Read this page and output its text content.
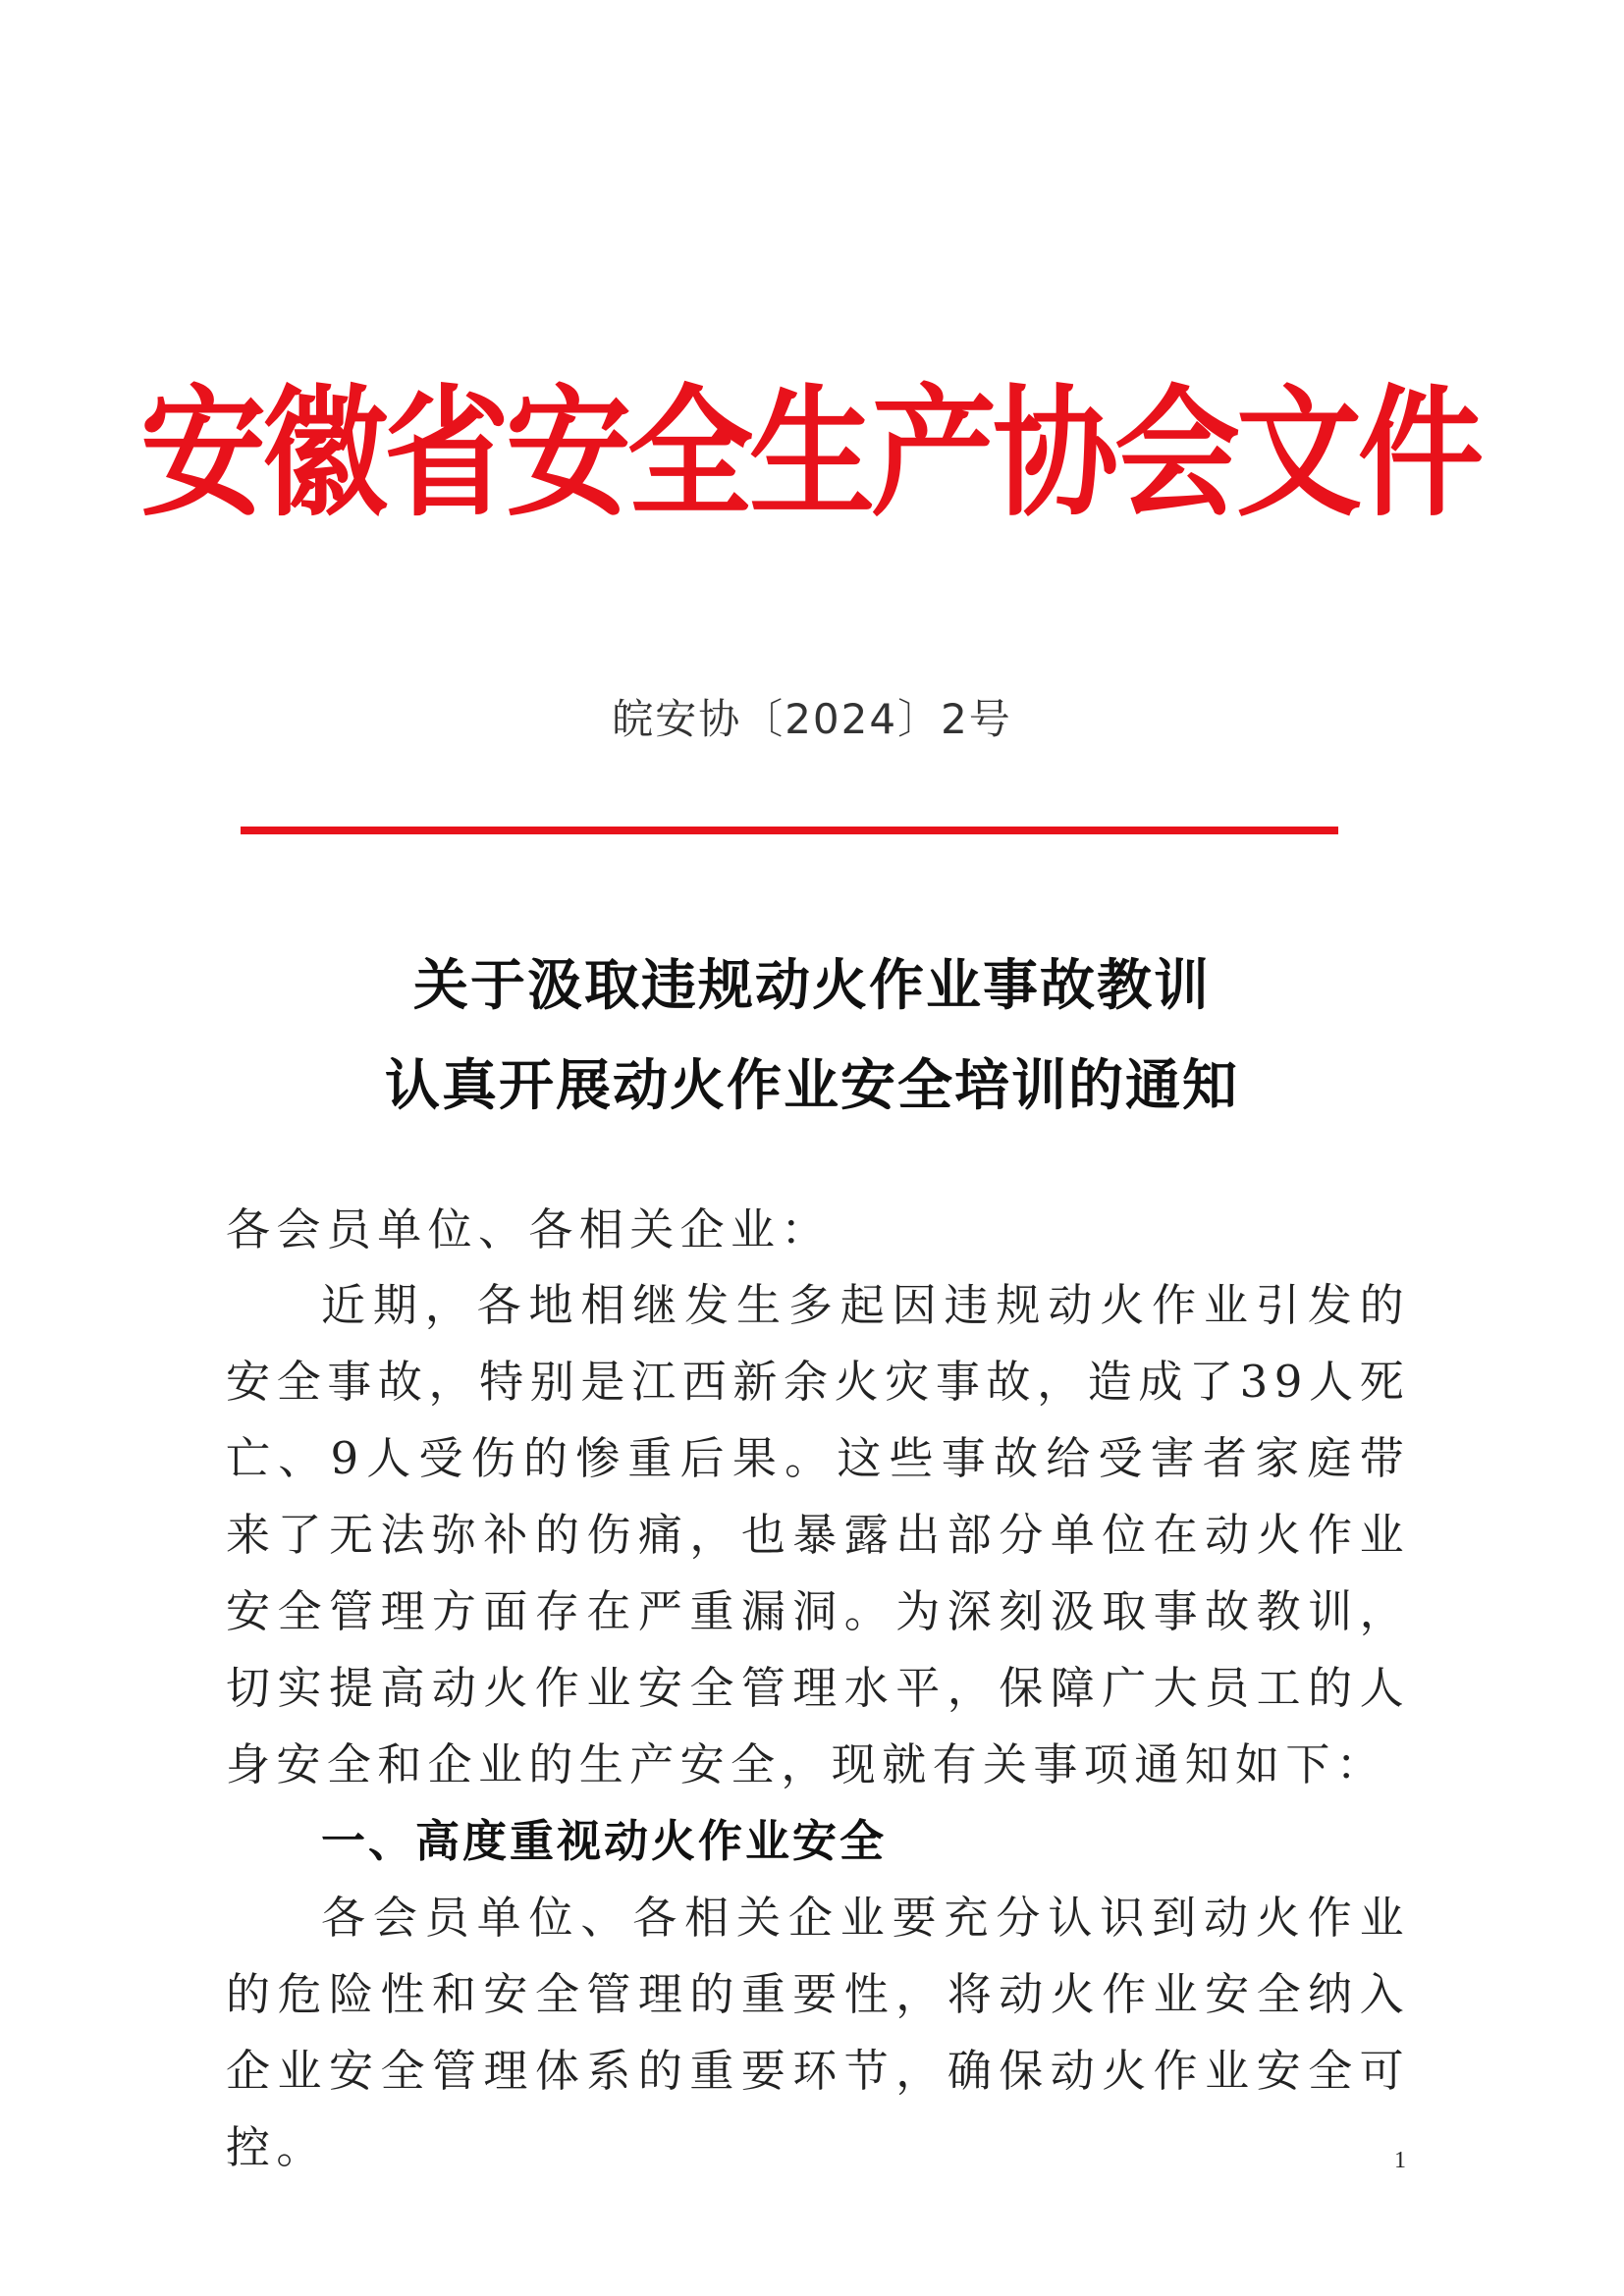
安徽省安全生产协会文件
皖安协〔2024〕2号
关于汲取违规动火作业事故教训
认真开展动火作业安全培训的通知
各会员单位、各相关企业：
近期，各地相继发生多起因违规动火作业引发的安全事故，特别是江西新余火灾事故，造成了39人死亡、9人受伤的惨重后果。这些事故给受害者家庭带来了无法弥补的伤痛，也暴露出部分单位在动火作业安全管理方面存在严重漏洞。为深刻汲取事故教训，切实提高动火作业安全管理水平，保障广大员工的人身安全和企业的生产安全，现就有关事项通知如下：
一、高度重视动火作业安全
各会员单位、各相关企业要充分认识到动火作业的危险性和安全管理的重要性，将动火作业安全纳入企业安全管理体系的重要环节，确保动火作业安全可控。	1
